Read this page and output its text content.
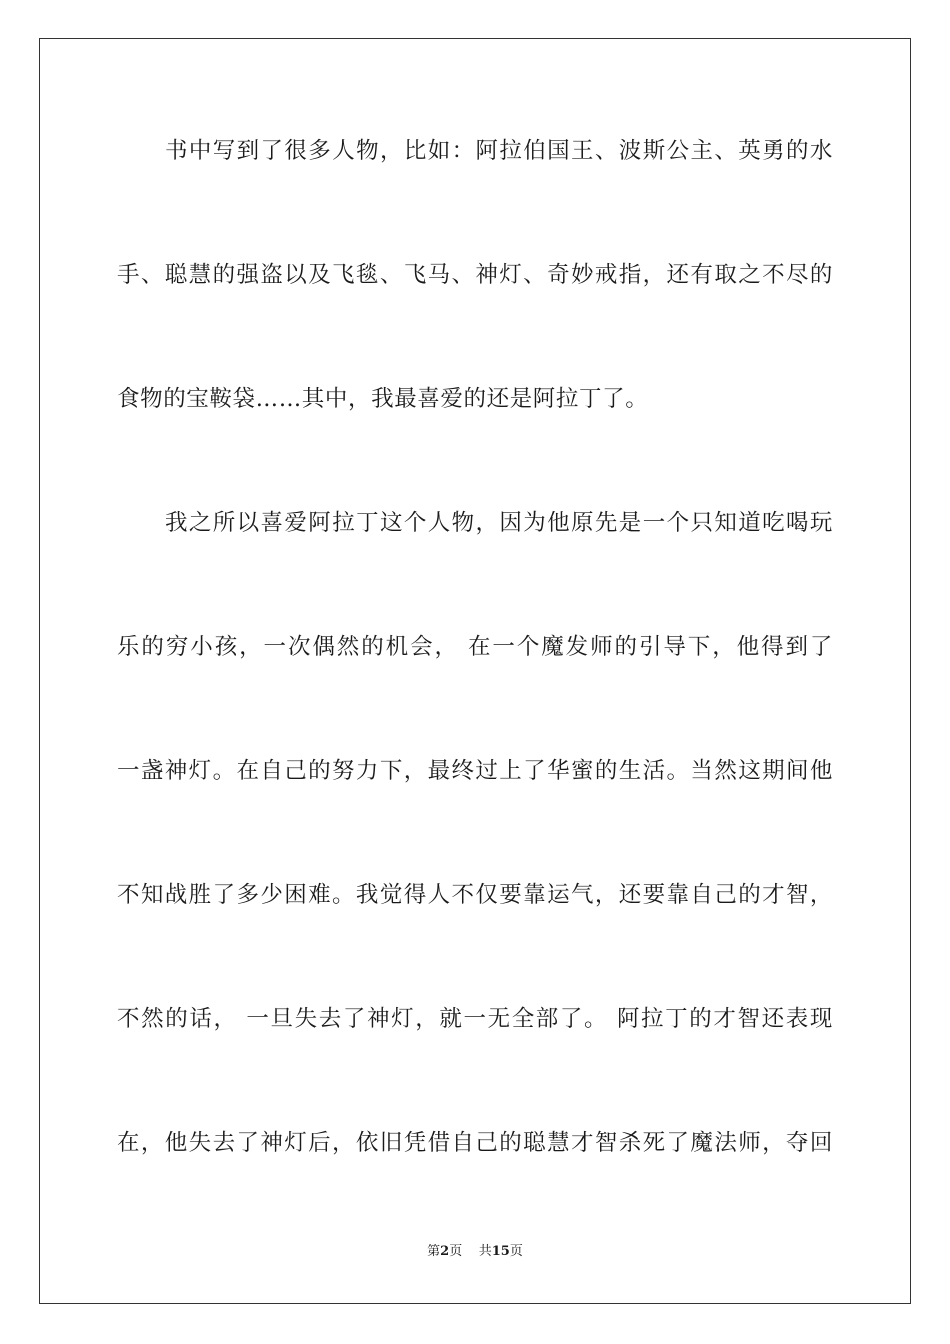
书中写到了很多人物，比如：阿拉伯国王、波斯公主、英勇的水
手、聪慧的强盗以及飞毯、飞马、神灯、奇妙戒指，还有取之不尽的
食物的宝鞍袋……其中，我最喜爱的还是阿拉丁了。
我之所以喜爱阿拉丁这个人物，因为他原先是一个只知道吃喝玩
乐的穷小孩，一次偶然的机会， 在一个魔发师的引导下，他得到了
一盏神灯。在自己的努力下，最终过上了华蜜的生活。当然这期间他
不知战胜了多少困难。我觉得人不仅要靠运气，还要靠自己的才智，
不然的话， 一旦失去了神灯，就一无全部了。 阿拉丁的才智还表现
在，他失去了神灯后，依旧凭借自己的聪慧才智杀死了魔法师，夺回
第2页 共15页
